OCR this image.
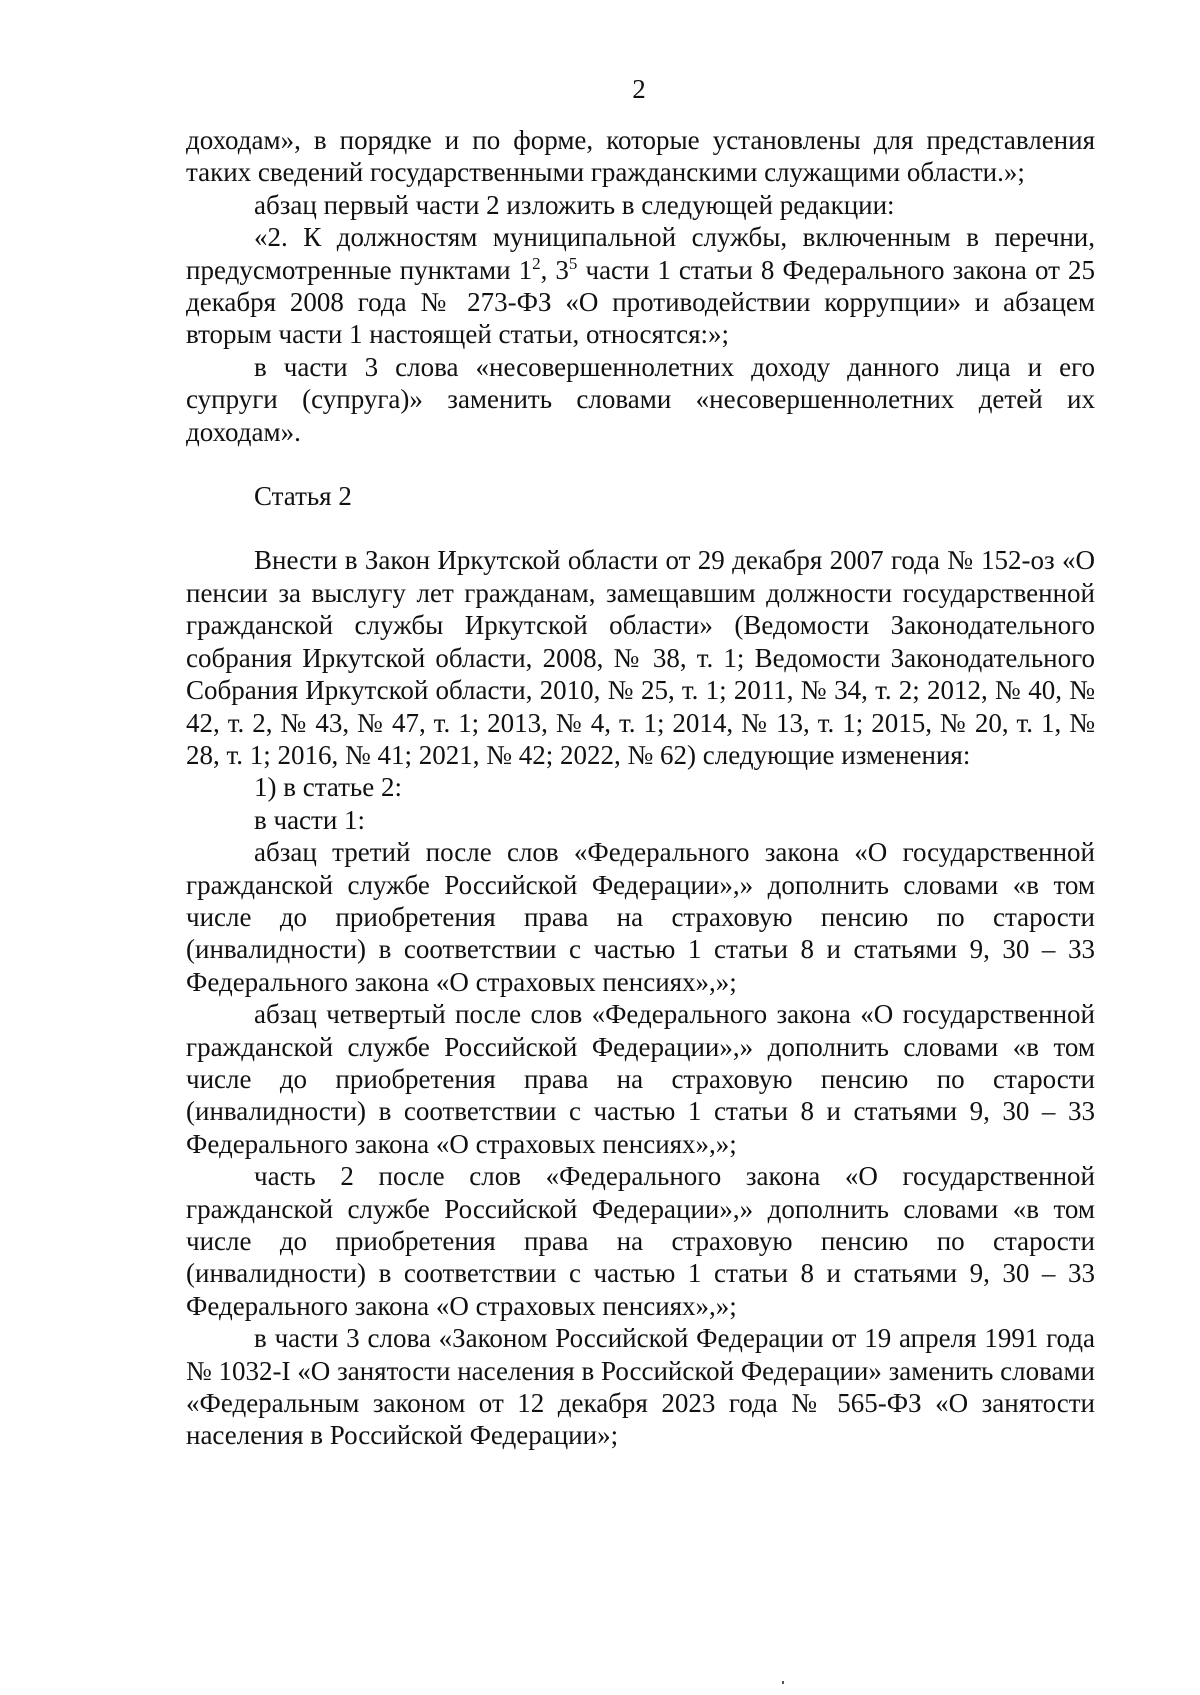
2

доходам», в порядке и по форме, которые установлены для представления таких сведений государственными гражданскими служащими области.»;

абзац первый части 2 изложить в следующей редакции:

«2. К должностям муниципальной службы, включенным в перечни, предусмотренные пунктами $1^2$, $3^5$ части 1 статьи 8 Федерального закона от 25 декабря 2008 года № 273-ФЗ «О противодействии коррупции» и абзацем вторым части 1 настоящей статьи, относятся:»;

в части 3 слова «несовершеннолетних доходу данного лица и его супруги (супруга)» заменить словами «несовершеннолетних детей их доходам».

Статья 2

Внести в Закон Иркутской области от 29 декабря 2007 года № 152-оз «О пенсии за выслугу лет гражданам, замещавшим должности государственной гражданской службы Иркутской области» (Ведомости Законодательного собрания Иркутской области, 2008, № 38, т. 1; Ведомости Законодательного Собрания Иркутской области, 2010, № 25, т. 1; 2011, № 34, т. 2; 2012, № 40, № 42, т. 2, № 43, № 47, т. 1; 2013, № 4, т. 1; 2014, № 13, т. 1; 2015, № 20, т. 1, № 28, т. 1; 2016, № 41; 2021, № 42; 2022, № 62) следующие изменения:

1) в статье 2:

в части 1:

абзац третий после слов «Федерального закона «О государственной гражданской службе Российской Федерации»,» дополнить словами «в том числе до приобретения права на страховую пенсию по старости (инвалидности) в соответствии с частью 1 статьи 8 и статьями 9, 30 – 33 Федерального закона «О страховых пенсиях»,»;

абзац четвертый после слов «Федерального закона «О государственной гражданской службе Российской Федерации»,» дополнить словами «в том числе до приобретения права на страховую пенсию по старости (инвалидности) в соответствии с частью 1 статьи 8 и статьями 9, 30 – 33 Федерального закона «О страховых пенсиях»,»;

часть 2 после слов «Федерального закона «О государственной гражданской службе Российской Федерации»,» дополнить словами «в том числе до приобретения права на страховую пенсию по старости (инвалидности) в соответствии с частью 1 статьи 8 и статьями 9, 30 – 33 Федерального закона «О страховых пенсиях»,»;

в части 3 слова «Законом Российской Федерации от 19 апреля 1991 года № 1032-I «О занятости населения в Российской Федерации» заменить словами «Федеральным законом от 12 декабря 2023 года № 565-ФЗ «О занятости населения в Российской Федерации»;
